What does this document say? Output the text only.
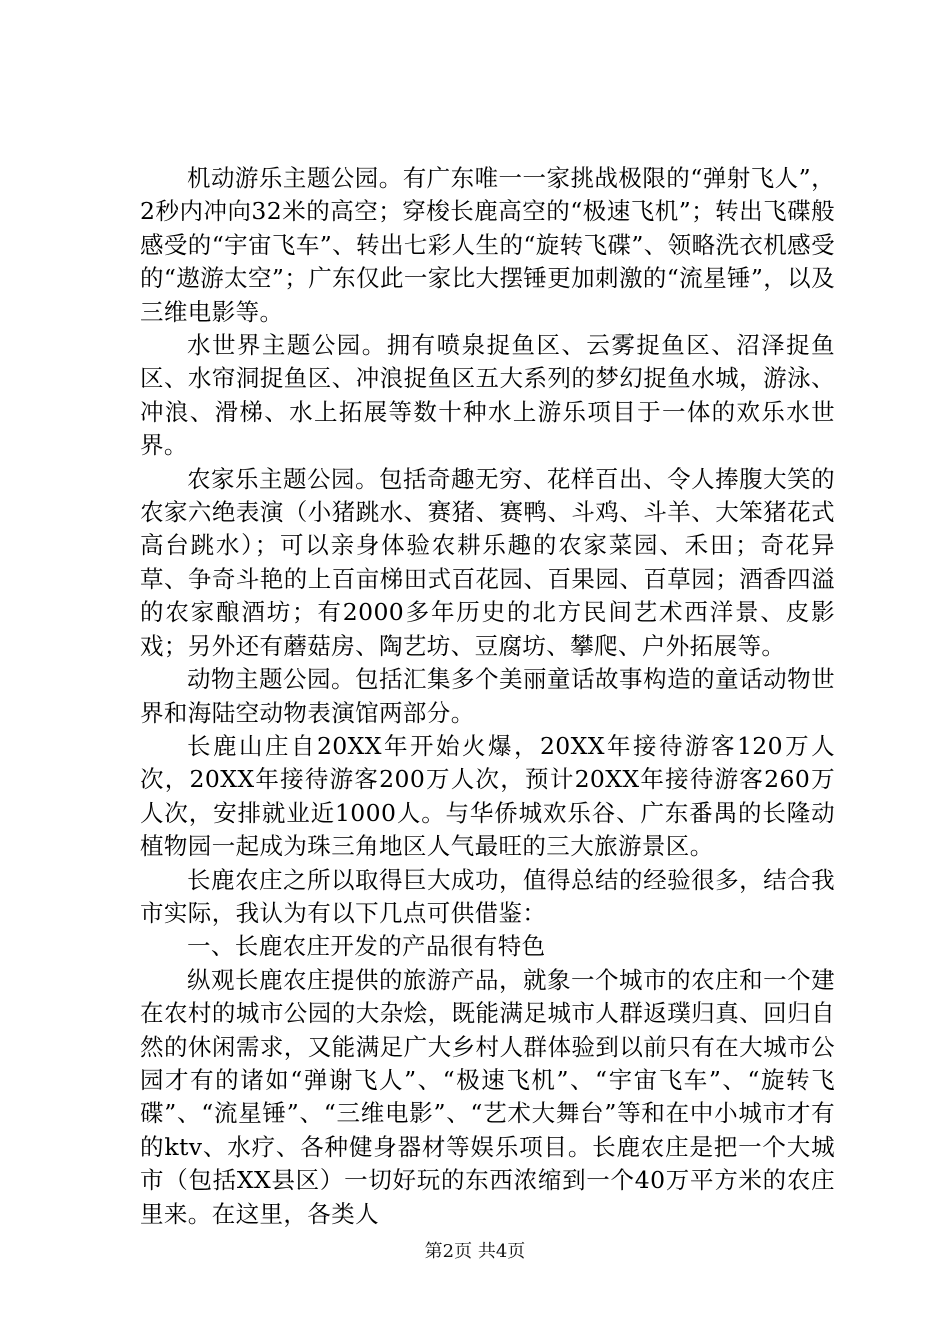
机动游乐主题公园。有广东唯一一家挑战极限的“弹射飞人”，2秒内冲向32米的高空；穿梭长鹿高空的“极速飞机”；转出飞碟般感受的“宇宙飞车”、转出七彩人生的“旋转飞碟”、领略洗衣机感受的“遨游太空”；广东仅此一家比大摆锤更加刺激的“流星锤”，以及三维电影等。

水世界主题公园。拥有喷泉捉鱼区、云雾捉鱼区、沼泽捉鱼区、水帘洞捉鱼区、冲浪捉鱼区五大系列的梦幻捉鱼水城，游泳、冲浪、滑梯、水上拓展等数十种水上游乐项目于一体的欢乐水世界。

农家乐主题公园。包括奇趣无穷、花样百出、令人捧腹大笑的农家六绝表演（小猪跳水、赛猪、赛鸭、斗鸡、斗羊、大笨猪花式高台跳水）；可以亲身体验农耕乐趣的农家菜园、禾田；奇花异草、争奇斗艳的上百亩梯田式百花园、百果园、百草园；酒香四溢的农家酿酒坊；有2000多年历史的北方民间艺术西洋景、皮影戏；另外还有蘑菇房、陶艺坊、豆腐坊、攀爬、户外拓展等。

动物主题公园。包括汇集多个美丽童话故事构造的童话动物世界和海陆空动物表演馆两部分。

长鹿山庄自20XX年开始火爆，20XX年接待游客120万人次，20XX年接待游客200万人次，预计20XX年接待游客260万人次，安排就业近1000人。与华侨城欢乐谷、广东番禺的长隆动植物园一起成为珠三角地区人气最旺的三大旅游景区。

长鹿农庄之所以取得巨大成功，值得总结的经验很多，结合我市实际，我认为有以下几点可供借鉴：

一、长鹿农庄开发的产品很有特色

纵观长鹿农庄提供的旅游产品，就象一个城市的农庄和一个建在农村的城市公园的大杂烩，既能满足城市人群返璞归真、回归自然的休闲需求，又能满足广大乡村人群体验到以前只有在大城市公园才有的诸如“弹谢飞人”、“极速飞机”、“宇宙飞车”、“旋转飞碟”、“流星锤”、“三维电影”、“艺术大舞台”等和在中小城市才有的ktv、水疗、各种健身器材等娱乐项目。长鹿农庄是把一个大城市（包括XX县区）一切好玩的东西浓缩到一个40万平方米的农庄里来。在这里，各类人

第2页 共4页
